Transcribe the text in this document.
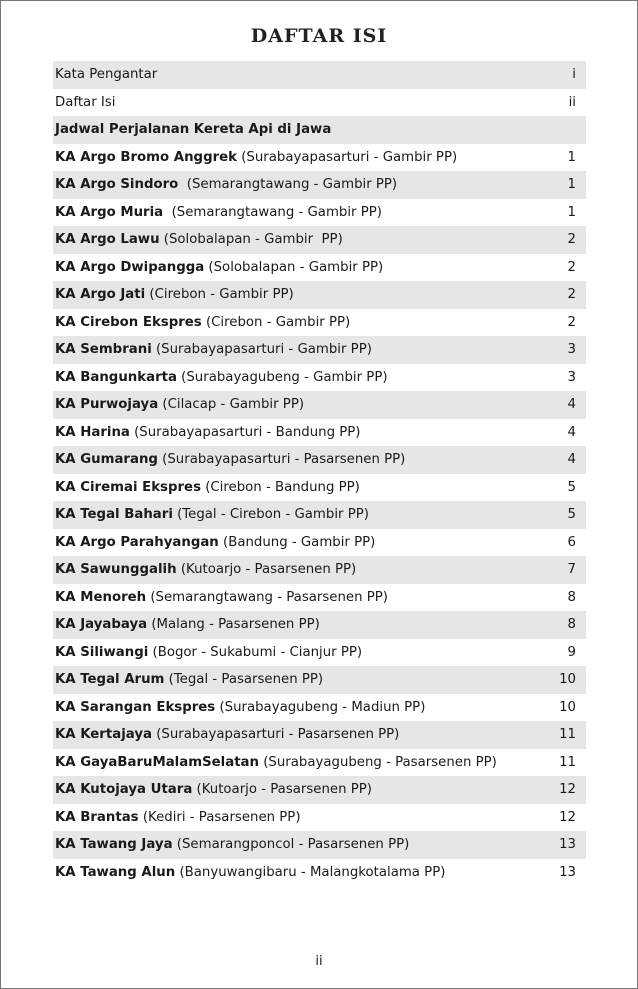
DAFTAR ISI
Kata Pengantar	i
Daftar Isi	ii
Jadwal Perjalanan Kereta Api di Jawa
KA Argo Bromo Anggrek (Surabayapasarturi - Gambir PP)	1
KA Argo Sindoro  (Semarangtawang - Gambir PP)	1
KA Argo Muria  (Semarangtawang - Gambir PP)	1
KA Argo Lawu (Solobalapan - Gambir  PP)	2
KA Argo Dwipangga (Solobalapan - Gambir PP)	2
KA Argo Jati (Cirebon - Gambir PP)	2
KA Cirebon Ekspres (Cirebon - Gambir PP)	2
KA Sembrani (Surabayapasarturi - Gambir PP)	3
KA Bangunkarta (Surabayagubeng - Gambir PP)	3
KA Purwojaya (Cilacap - Gambir PP)	4
KA Harina (Surabayapasarturi - Bandung PP)	4
KA Gumarang (Surabayapasarturi - Pasarsenen PP)	4
KA Ciremai Ekspres (Cirebon - Bandung PP)	5
KA Tegal Bahari (Tegal - Cirebon - Gambir PP)	5
KA Argo Parahyangan (Bandung - Gambir PP)	6
KA Sawunggalih (Kutoarjo - Pasarsenen PP)	7
KA Menoreh (Semarangtawang - Pasarsenen PP)	8
KA Jayabaya (Malang - Pasarsenen PP)	8
KA Siliwangi (Bogor - Sukabumi - Cianjur PP)	9
KA Tegal Arum (Tegal - Pasarsenen PP)	10
KA Sarangan Ekspres (Surabayagubeng - Madiun PP)	10
KA Kertajaya (Surabayapasarturi - Pasarsenen PP)	11
KA GayaBaruMalamSelatan (Surabayagubeng - Pasarsenen PP)	11
KA Kutojaya Utara (Kutoarjo - Pasarsenen PP)	12
KA Brantas (Kediri - Pasarsenen PP)	12
KA Tawang Jaya (Semarangponcol - Pasarsenen PP)	13
KA Tawang Alun (Banyuwangibaru - Malangkotalama PP)	13
ii
